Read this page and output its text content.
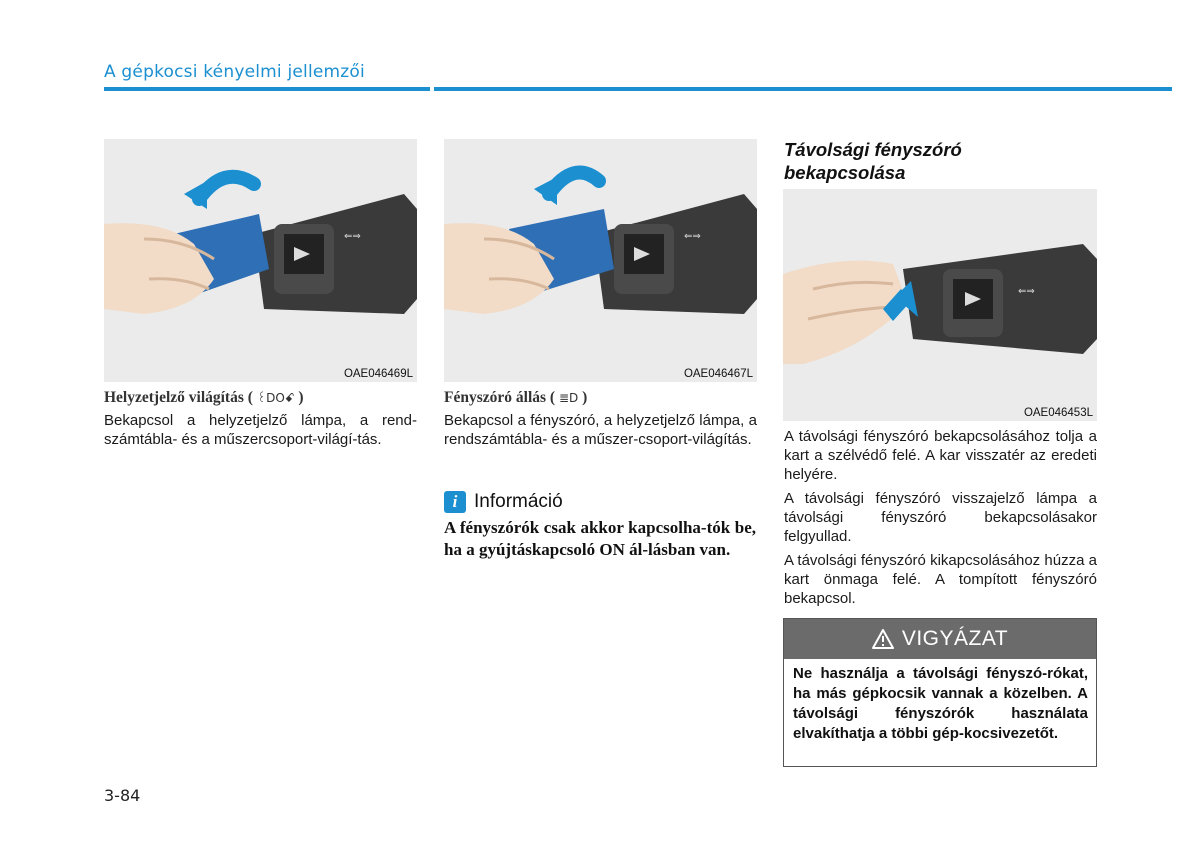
A gépkocsi kényelmi jellemzői
⇐⇒
OAE046469L
⇐⇒
OAE046467L
⇐⇒
OAE046453L
Helyzetjelző világítás ( ꒰DOꗃ )
Bekapcsol a helyzetjelző lámpa, a rend-számtábla- és a műszercsoport-világí-tás.
Fényszóró állás ( ≣D )
Bekapcsol a fényszóró, a helyzetjelző lámpa, a rendszámtábla- és a műszer-csoport-világítás.
i Információ
A fényszórók csak akkor kapcsolha-tók be, ha a gyújtáskapcsoló ON ál-lásban van.
Távolsági fényszóró bekapcsolása
A távolsági fényszóró bekapcsolásához tolja a kart a szélvédő felé. A kar visszatér az eredeti helyére.
A távolsági fényszóró visszajelző lámpa a távolsági fényszóró bekapcsolásakor felgyullad.
A távolsági fényszóró kikapcsolásához húzza a kart önmaga felé. A tompított fényszóró bekapcsol.
VIGYÁZAT
Ne használja a távolsági fényszó-rókat, ha más gépkocsik vannak a közelben. A távolsági fényszórók használata elvakíthatja a többi gép-kocsivezetőt.
3-84
